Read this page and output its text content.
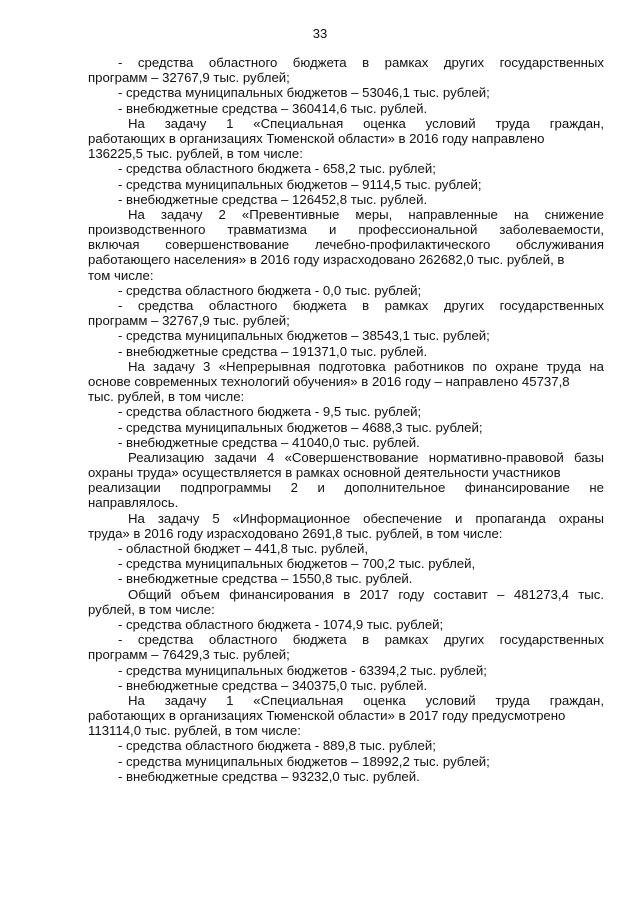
33
- средства областного бюджета в рамках других государственных
программ – 32767,9 тыс. рублей;
- средства муниципальных бюджетов – 53046,1 тыс. рублей;
- внебюджетные средства – 360414,6 тыс. рублей.
На задачу 1 «Специальная оценка условий труда граждан,
работающих в организациях Тюменской области» в 2016 году направлено
136225,5 тыс. рублей, в том числе:
- средства областного бюджета - 658,2 тыс. рублей;
- средства муниципальных бюджетов – 9114,5 тыс. рублей;
- внебюджетные средства – 126452,8 тыс. рублей.
На задачу 2 «Превентивные меры, направленные на снижение
производственного травматизма и профессиональной заболеваемости,
включая совершенствование лечебно-профилактического обслуживания
работающего населения» в 2016 году израсходовано 262682,0 тыс. рублей, в
том числе:
- средства областного бюджета - 0,0 тыс. рублей;
- средства областного бюджета в рамках других государственных
программ – 32767,9 тыс. рублей;
- средства муниципальных бюджетов – 38543,1 тыс. рублей;
- внебюджетные средства – 191371,0 тыс. рублей.
На задачу 3 «Непрерывная подготовка работников по охране труда на
основе современных технологий обучения» в 2016 году – направлено 45737,8
тыс. рублей, в том числе:
- средства областного бюджета - 9,5 тыс. рублей;
- средства муниципальных бюджетов – 4688,3 тыс. рублей;
- внебюджетные средства – 41040,0 тыс. рублей.
Реализацию задачи 4 «Совершенствование нормативно-правовой базы
охраны труда» осуществляется в рамках основной деятельности участников
реализации подпрограммы 2 и дополнительное финансирование не
направлялось.
На задачу 5 «Информационное обеспечение и пропаганда охраны
труда» в 2016 году израсходовано 2691,8 тыс. рублей, в том числе:
- областной бюджет – 441,8 тыс. рублей,
- средства муниципальных бюджетов – 700,2 тыс. рублей,
- внебюджетные средства – 1550,8 тыс. рублей.
Общий объем финансирования в 2017 году составит – 481273,4 тыс.
рублей, в том числе:
- средства областного бюджета - 1074,9 тыс. рублей;
- средства областного бюджета в рамках других государственных
программ – 76429,3 тыс. рублей;
- средства муниципальных бюджетов - 63394,2 тыс. рублей;
- внебюджетные средства – 340375,0 тыс. рублей.
На задачу 1 «Специальная оценка условий труда граждан,
работающих в организациях Тюменской области» в 2017 году предусмотрено
113114,0 тыс. рублей, в том числе:
- средства областного бюджета - 889,8 тыс. рублей;
- средства муниципальных бюджетов – 18992,2 тыс. рублей;
- внебюджетные средства – 93232,0 тыс. рублей.
